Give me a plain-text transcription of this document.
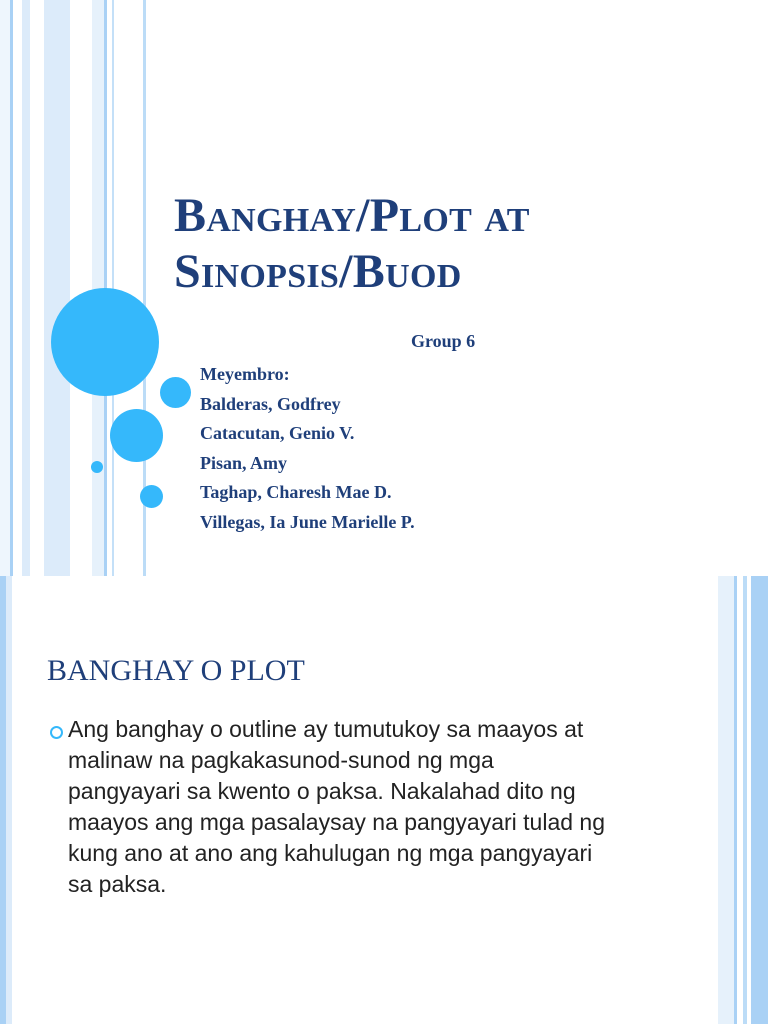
Banghay/Plot at
Sinopsis/Buod
Group 6
Meyembro:
Balderas, Godfrey
Catacutan, Genio V.
Pisan, Amy
Taghap, Charesh Mae D.
Villegas, Ia June Marielle P.
BANGHAY O PLOT
Ang banghay o outline ay tumutukoy sa maayos at
malinaw na pagkakasunod-sunod ng mga
pangyayari sa kwento o paksa. Nakalahad dito ng
maayos ang mga pasalaysay na pangyayari tulad ng
kung ano at ano ang kahulugan ng mga pangyayari
sa paksa.
